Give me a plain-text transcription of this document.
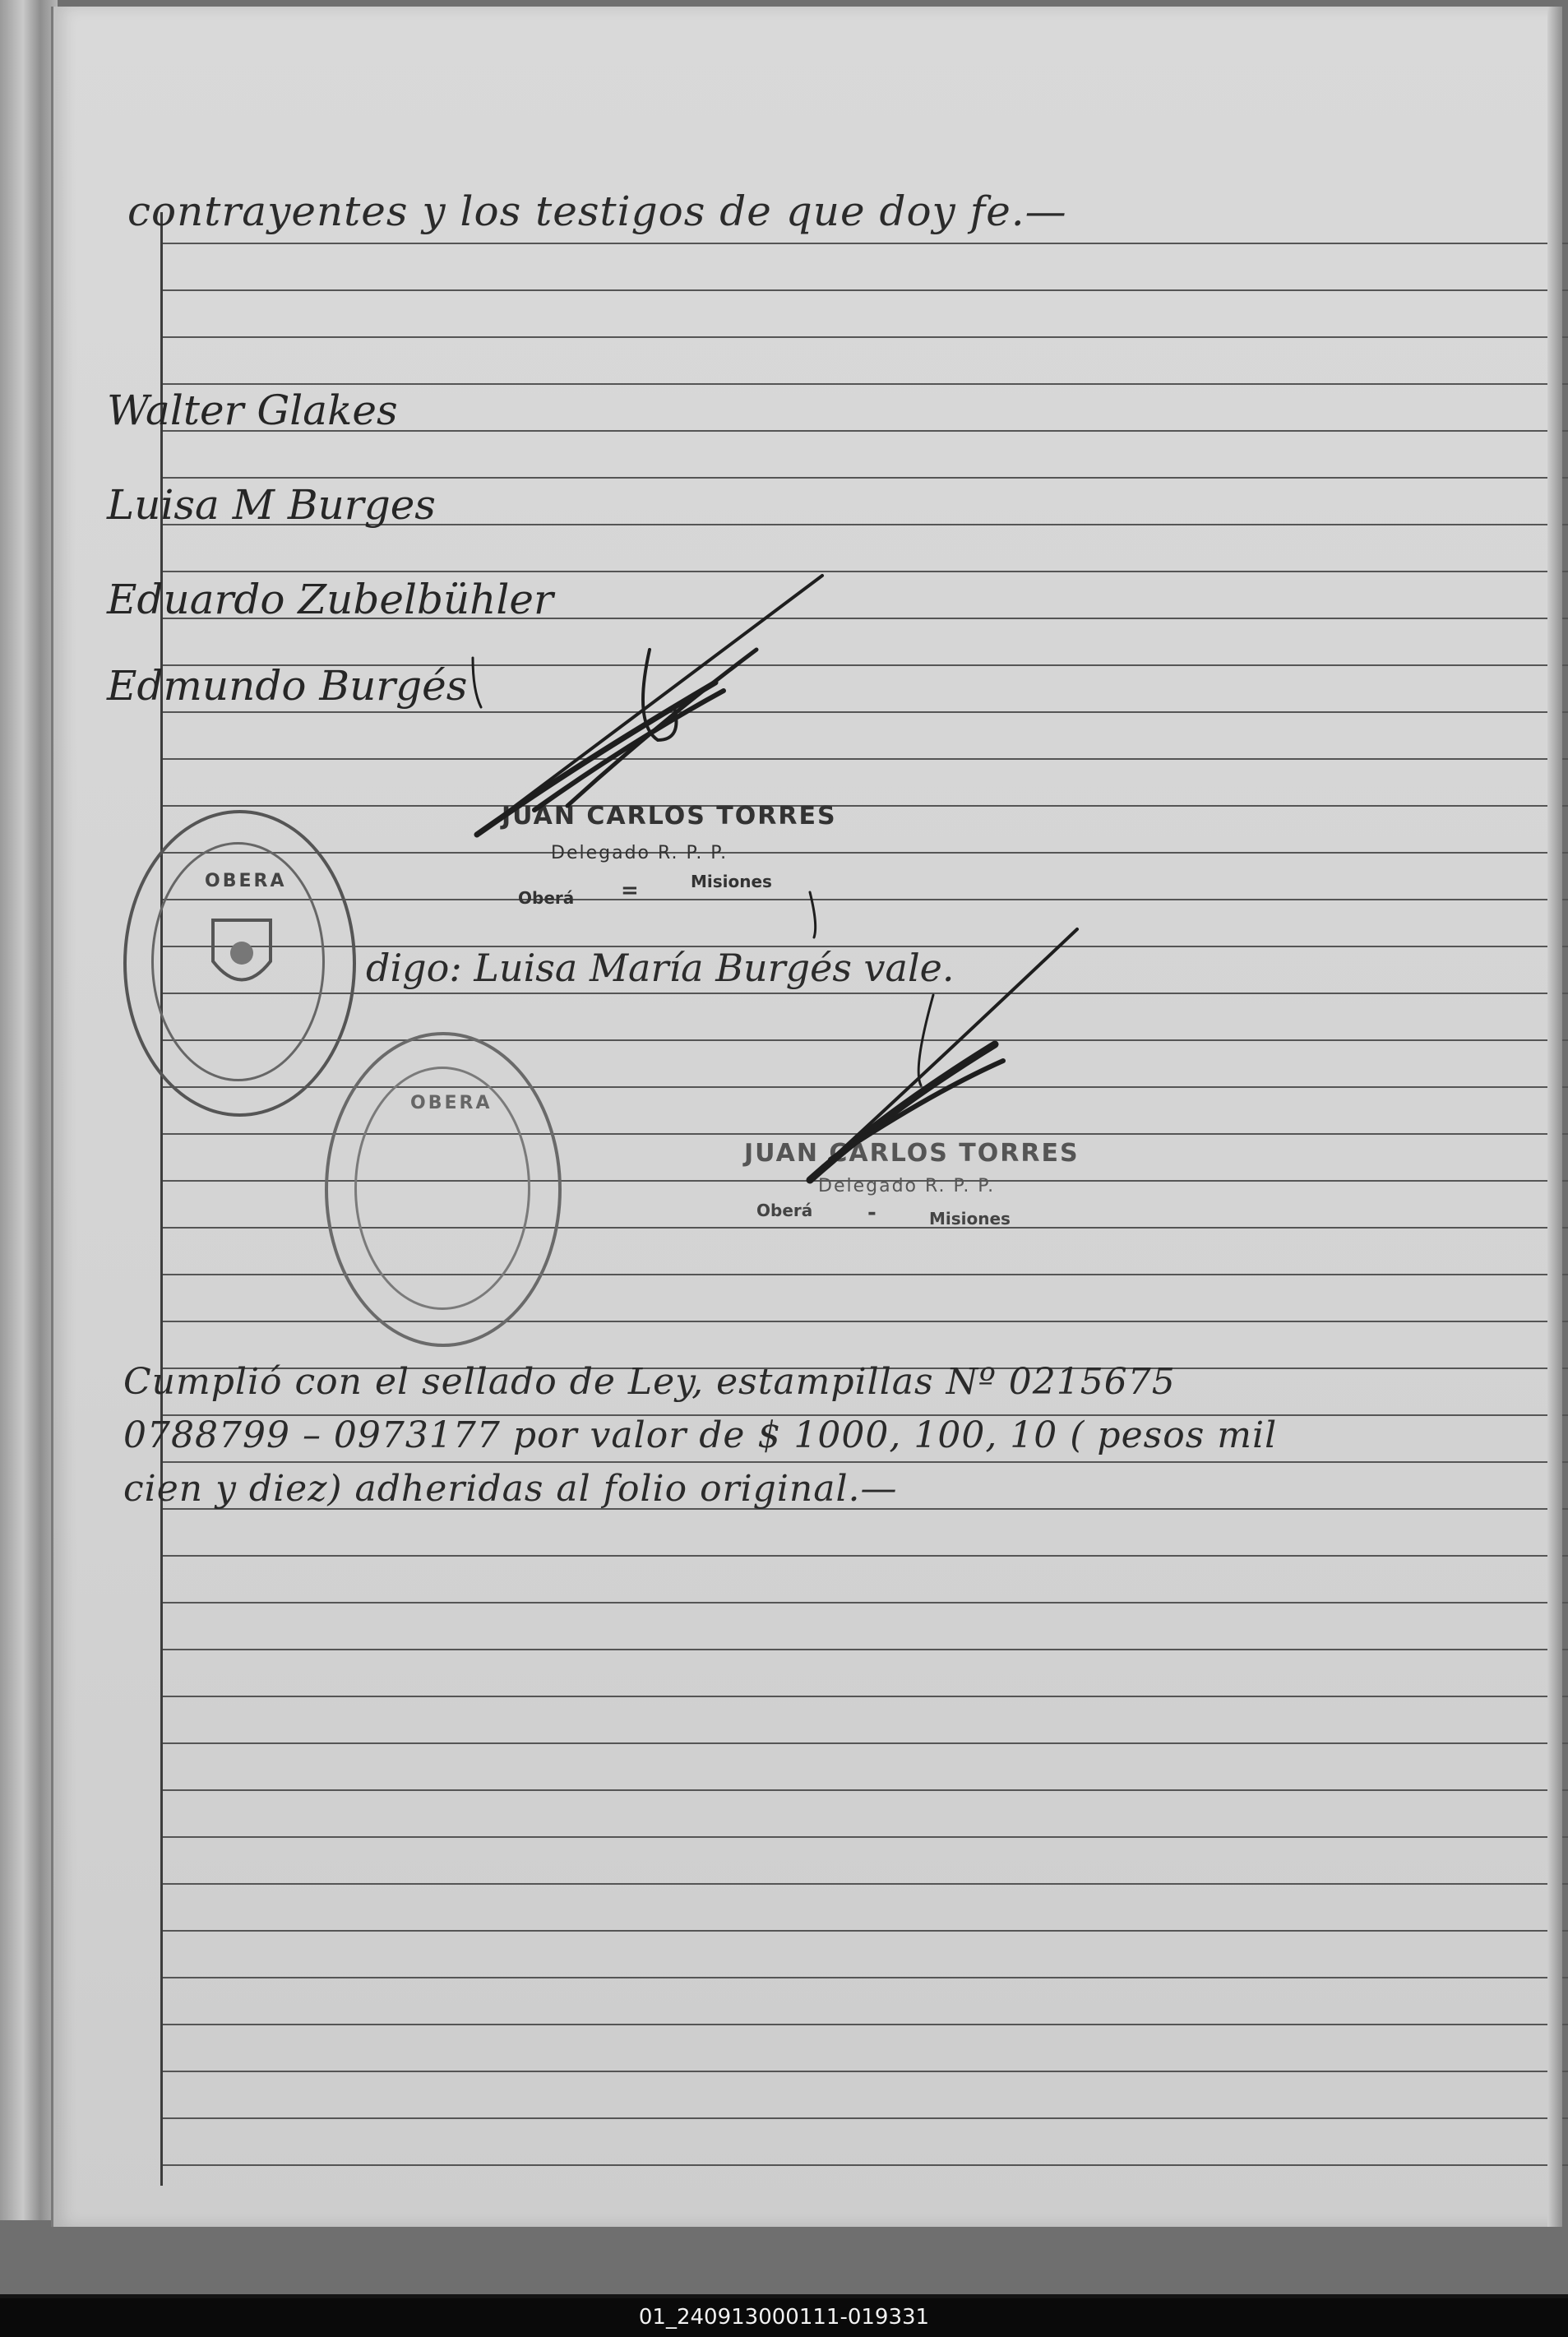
contrayentes y los testigos de que doy fe.—
Walter Glakes
Luisa M Burges
Eduardo Zubelbühler
Edmundo Burgés
OBERA
OBERA
JUAN CARLOS TORRES
Delegado R. P. P.
Oberá =	Misiones
digo: Luisa María Burgés vale.
JUAN CARLOS TORRES
Delegado R. P. P.
Oberá	-	Misiones
Cumplió con el sellado de Ley, estampillas Nº 0215675
0788799 – 0973177 por valor de $ 1000, 100, 10 ( pesos mil
cien y diez) adheridas al folio original.—
01_240913000111-019331
